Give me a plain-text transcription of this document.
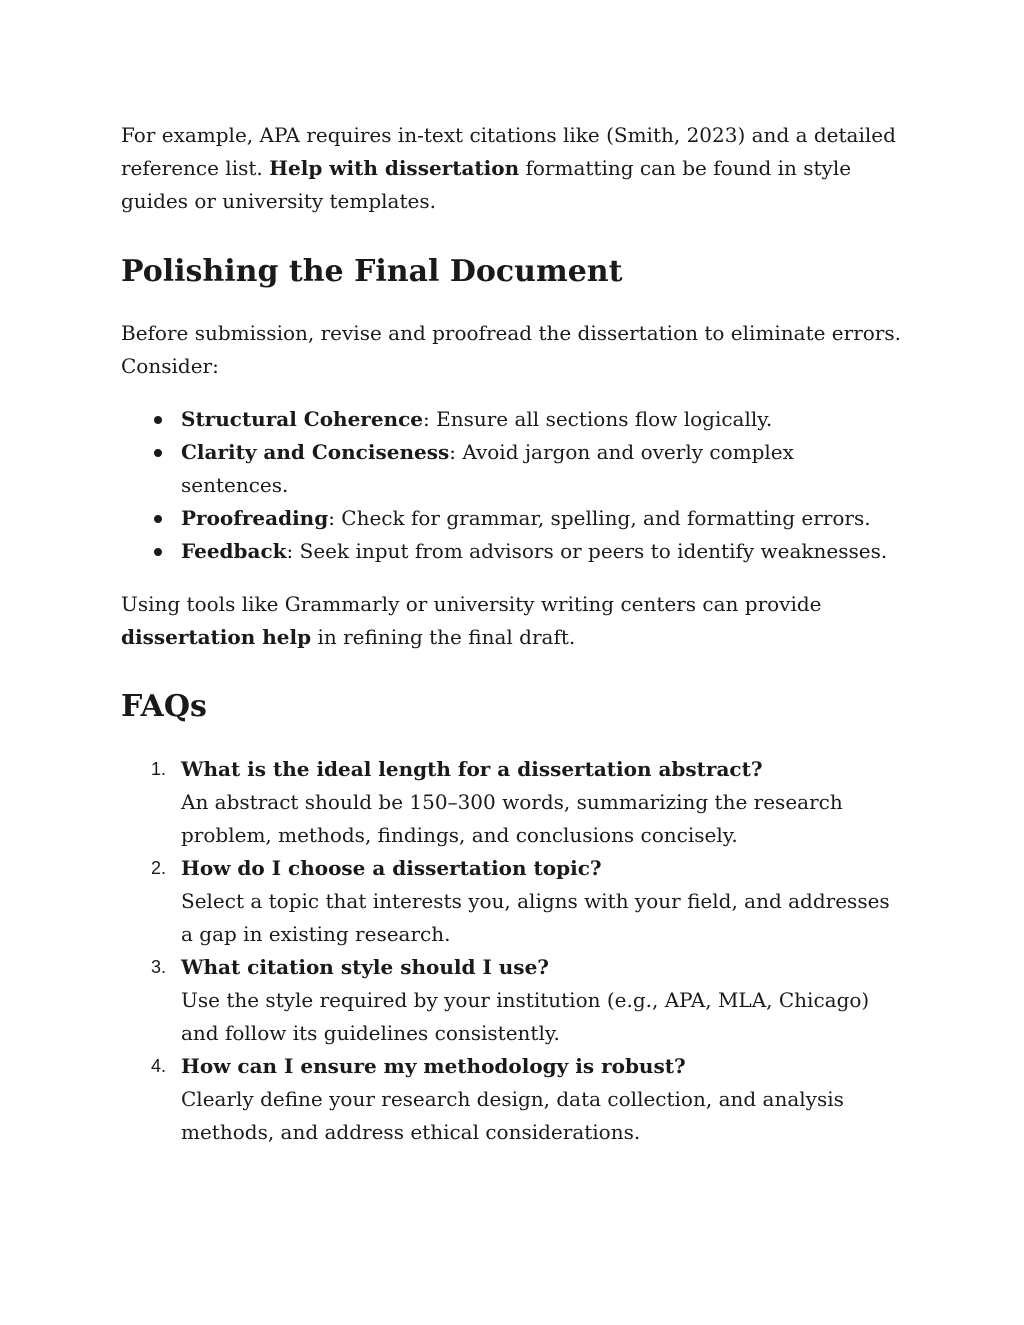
For example, APA requires in-text citations like (Smith, 2023) and a detailed reference list. Help with dissertation formatting can be found in style guides or university templates.

Polishing the Final Document

Before submission, revise and proofread the dissertation to eliminate errors. Consider:

Structural Coherence: Ensure all sections flow logically.
Clarity and Conciseness: Avoid jargon and overly complex sentences.
Proofreading: Check for grammar, spelling, and formatting errors.
Feedback: Seek input from advisors or peers to identify weaknesses.

Using tools like Grammarly or university writing centers can provide dissertation help in refining the final draft.

FAQs
1. What is the ideal length for a dissertation abstract?
An abstract should be 150–300 words, summarizing the research problem, methods, findings, and conclusions concisely.
2. How do I choose a dissertation topic?
Select a topic that interests you, aligns with your field, and addresses a gap in existing research.
3. What citation style should I use?
Use the style required by your institution (e.g., APA, MLA, Chicago) and follow its guidelines consistently.
4. How can I ensure my methodology is robust?
Clearly define your research design, data collection, and analysis methods, and address ethical considerations.
